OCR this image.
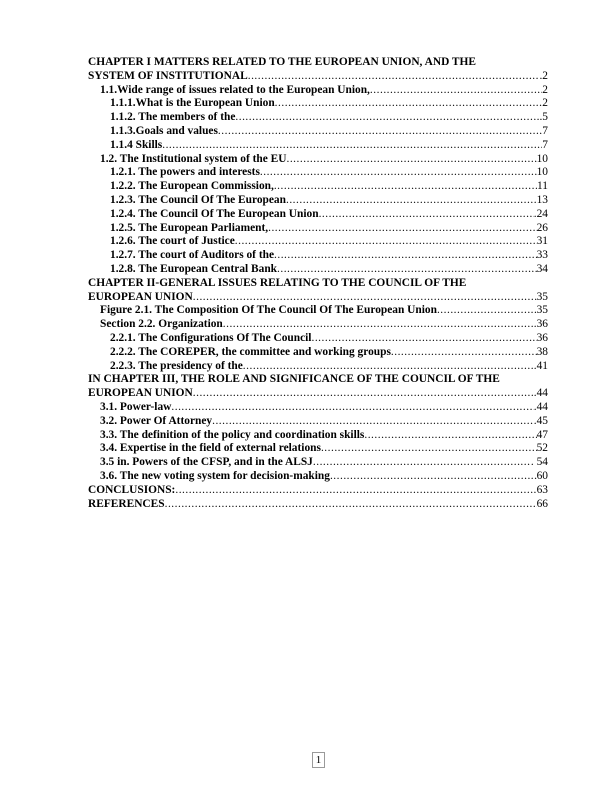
CHAPTER I MATTERS RELATED TO THE EUROPEAN UNION, AND THE
SYSTEM OF INSTITUTIONAL .....	.2
1.1.Wide range of issues related to the European Union, .....	2
1.1.1.What is the European Union .....	2
1.1.2. The members of the .....	.5
1.1.3.Goals and values .....	7
1.1.4 Skills .....	7
1.2. The Institutional system of the EU .....	10
1.2.1. The powers and interests .....	10
1.2.2. The European Commission, .....	11
1.2.3. The Council Of The European .....	13
1.2.4. The Council Of The European Union .....	.24
1.2.5. The European Parliament, .....	26
1.2.6. The court of Justice .....	31
1.2.7. The court of Auditors of the .....	33
1.2.8. The European Central Bank .....	34
CHAPTER II-GENERAL ISSUES RELATING TO THE COUNCIL OF THE
EUROPEAN UNION .....	35
Figure 2.1. The Composition Of The Council Of The European Union .....	35
Section 2.2. Organization .....	.36
2.2.1. The Configurations Of The Council .....	36
2.2.2. The COREPER, the committee and working groups .....	38
2.2.3. The presidency of the .....	.41
IN CHAPTER III, THE ROLE AND SIGNIFICANCE OF THE COUNCIL OF THE
EUROPEAN UNION .....	.44
3.1. Power-law .....	.44
3.2. Power Of Attorney .....	.45
3.3. The definition of the policy and coordination skills .....	47
3.4. Expertise in the field of external relations .....	52
3.5 in. Powers of the CFSP, and in the ALSJ .....	. 54
3.6. The new voting system for decision-making .....	60
CONCLUSIONS: .....	63
REFERENCES .....	66
1
